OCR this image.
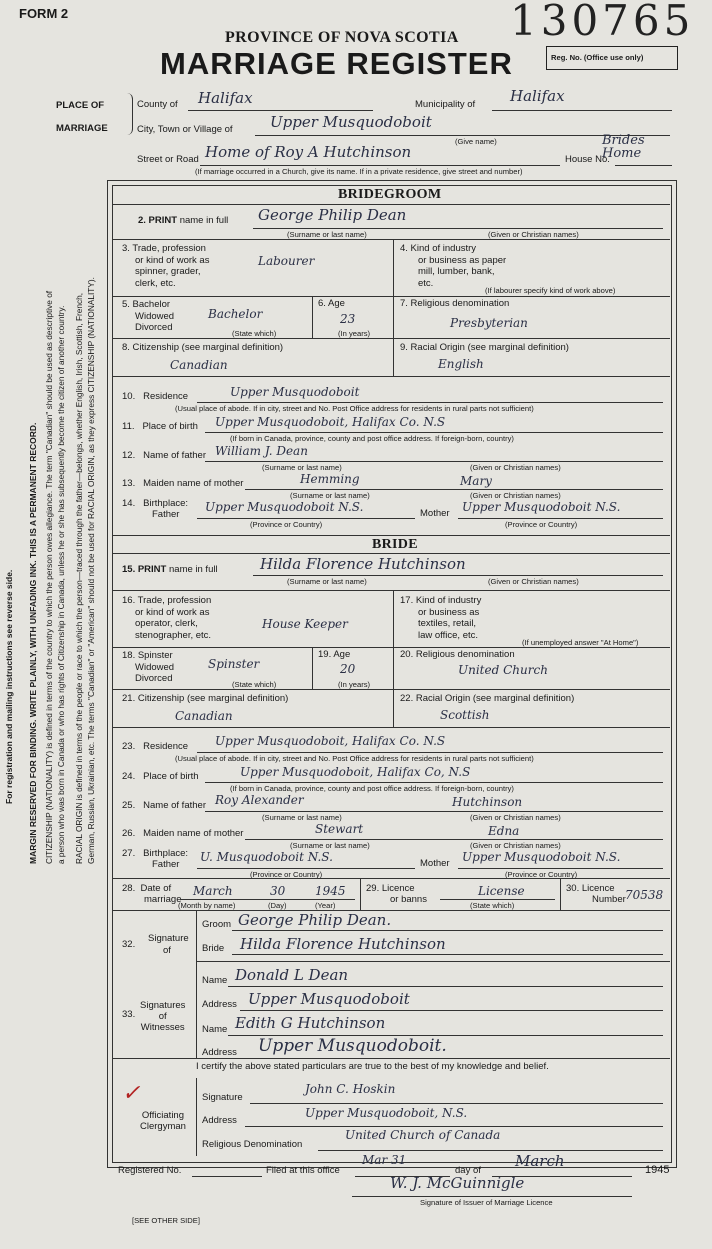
For registration and mailing instructions see reverse side. MARGIN RESERVED FOR BINDING. WRITE PLAINLY, WITH UNFADING INK. THIS IS A PERMANENT RECORD. CITIZENSHIP (NATIONALITY) is defined in terms of the country to which the person owes allegiance. The term "Canadian" should be used as descriptive of a person who was born in Canada or who has rights of Citizenship in Canada, unless he or she has subsequently become the citizen of another country. RACIAL ORIGIN is defined in terms of the people or race to which the person—traced through the father—belongs, whether English, Irish, Scottish, French, German, Russian, Ukrainian, etc. The terms "Canadian" or "American" should not be used for RACIAL ORIGIN, as they express CITIZENSHIP (NATIONALITY).
FORM 2	130765
PROVINCE OF NOVA SCOTIA
MARRIAGE REGISTER	Reg. No. (Office use only)
PLACE OF
MARRIAGE
County of Halifax	Municipality of Halifax
City, Town or Village of Upper Musquodoboit
(Give name)
Street or Road Home of Roy A Hutchinson	House No.
Brides Home
(If marriage occurred in a Church, give its name. If in a private residence, give street and number)
BRIDEGROOM
2. PRINT name in full George Philip Dean
(Surname or last name)	(Given or Christian names)
3. Trade, profession
or kind of work as
spinner, grader,
clerk, etc.
Labourer
4. Kind of industry
or business as paper
mill, lumber, bank,
etc.
(If labourer specify kind of work above)
5. Bachelor
Widowed
Divorced
Bachelor
(State which)
6. Age
23
(In years)
7. Religious denomination
Presbyterian
8. Citizenship (see marginal definition)
Canadian
9. Racial Origin (see marginal definition)
English
10. Residence	Upper Musquodoboit
(Usual place of abode. If in city, street and No. Post Office address for residents in rural parts not sufficient)
11. Place of birth Upper Musquodoboit, Halifax Co. N.S
(If born in Canada, province, county and post office address. If foreign-born, country)
12. Name of father William J. Dean
(Surname or last name)	(Given or Christian names)
13. Maiden name of mother	Hemming	Mary
(Surname or last name)	(Given or Christian names)
14. Birthplace:
Father
Upper Musquodoboit N.S.	Mother Upper Musquodoboit N.S.
(Province or Country)	(Province or Country)
BRIDE
15. PRINT name in full	Hilda Florence Hutchinson
(Surname or last name)	(Given or Christian names)
16. Trade, profession
or kind of work as
operator, clerk,
stenographer, etc.
House Keeper
17. Kind of industry
or business as
textiles, retail,
law office, etc.
(If unemployed answer "At Home")
18. Spinster
Widowed
Divorced
Spinster
(State which)
19. Age
20
(In years)
20. Religious denomination
United Church
21. Citizenship (see marginal definition)
Canadian
22. Racial Origin (see marginal definition)
Scottish
23. Residence Upper Musquodoboit, Halifax Co. N.S
(Usual place of abode. If in city, street and No. Post Office address for residents in rural parts not sufficient)
24. Place of birth	Upper Musquodoboit, Halifax Co, N.S
(If born in Canada, province, county and post office address. If foreign-born, country)
25. Name of father Roy Alexander	Hutchinson
(Surname or last name)	(Given or Christian names)
26. Maiden name of mother	Stewart	Edna
(Surname or last name)	(Given or Christian names)
27. Birthplace:
Father
U. Musquodoboit N.S.	Mother Upper Musquodoboit N.S.
(Province or Country)	(Province or Country)
28. Date of
marriage
March	30 1945
(Month by name)	(Day)	(Year)
29. Licence
or banns
License
(State which)
30. Licence
Number 70538
32.
Signature
of
Groom George Philip Dean.
Bride Hilda Florence Hutchinson
33.
Signatures
of
Witnesses
Name Donald L Dean
Address Upper Musquodoboit
Name Edith G Hutchinson
Address Upper Musquodoboit.
I certify the above stated particulars are true to the best of my knowledge and belief.
✓
Officiating
Clergyman
Signature
John C. Hoskin
Address
Upper Musquodoboit, N.S.
Religious Denomination
United Church of Canada
Registered No.	Filed at this office
Mar 31
day of
March	1945
W. J. McGuinnigle
Signature of Issuer of Marriage Licence
[SEE OTHER SIDE]
